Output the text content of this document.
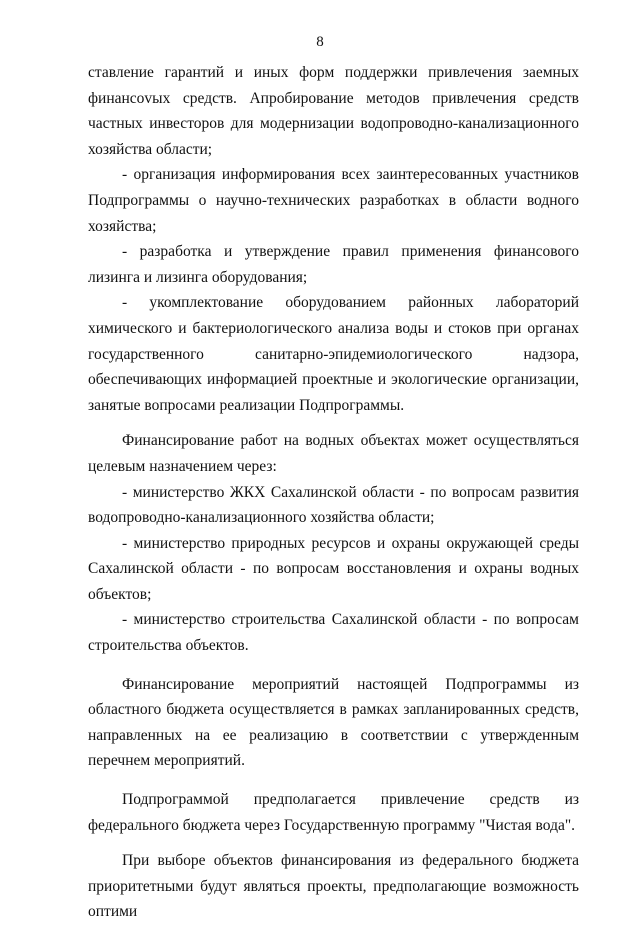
8

ставление гарантий и иных форм поддержки привлечения заемных финансоvых средств. Апробирование методов привлечения средств частных инвесторов для модернизации водопроводно-канализационного хозяйства области;

- организация информирования всех заинтересованных участников Подпрограммы о научно-технических разработках в области водного хозяйства;

- разработка и утверждение правил применения финансового лизинга и лизинга оборудования;

- укомплектование оборудованием районных лабораторий химического и бактериологического анализа воды и стоков при органах государственного санитарно-эпидемиологического надзора, обеспечивающих информацией проектные и экологические организации, занятые вопросами реализации Подпрограммы.

Финансирование работ на водных объектах может осуществляться целевым назначением через:

- министерство ЖКХ Сахалинской области - по вопросам развития водопроводно-канализационного хозяйства области;

- министерство природных ресурсов и охраны окружающей среды Сахалинской области - по вопросам восстановления и охраны водных объектов;

- министерство строительства Сахалинской области - по вопросам строительства объектов.

Финансирование мероприятий настоящей Подпрограммы из областного бюджета осуществляется в рамках запланированных средств, направленных на ее реализацию в соответствии с утвержденным перечнем мероприятий.

Подпрограммой предполагается привлечение средств из федерального бюджета через Государственную программу "Чистая вода".

При выборе объектов финансирования из федерального бюджета приоритетными будут являться проекты, предполагающие возможность оптими
